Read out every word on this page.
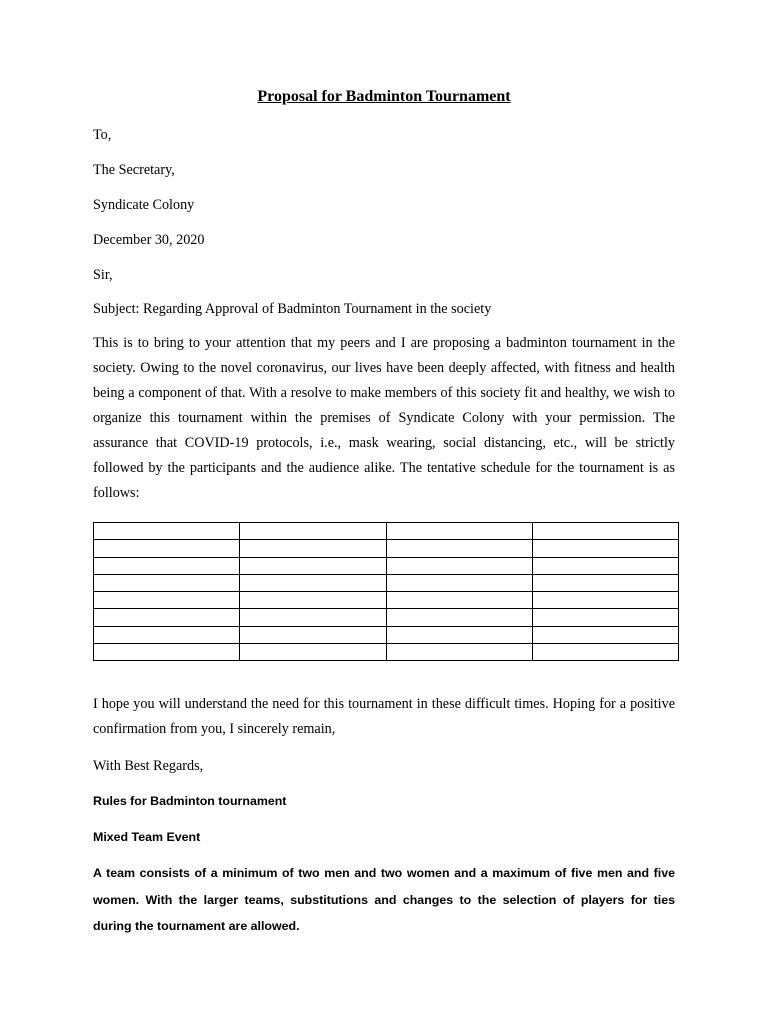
Proposal for Badminton Tournament
To,
The Secretary,
Syndicate Colony
December 30, 2020
Sir,
Subject: Regarding Approval of Badminton Tournament in the society
This is to bring to your attention that my peers and I are proposing a badminton tournament in the society. Owing to the novel coronavirus, our lives have been deeply affected, with fitness and health being a component of that. With a resolve to make members of this society fit and healthy, we wish to organize this tournament within the premises of Syndicate Colony with your permission. The assurance that COVID-19 protocols, i.e., mask wearing, social distancing, etc., will be strictly followed by the participants and the audience alike. The tentative schedule for the tournament is as follows:

I hope you will understand the need for this tournament in these difficult times. Hoping for a positive confirmation from you, I sincerely remain,
With Best Regards,
Rules for Badminton tournament
Mixed Team Event
A team consists of a minimum of two men and two women and a maximum of five men and five women. With the larger teams, substitutions and changes to the selection of players for ties during the tournament are allowed.
